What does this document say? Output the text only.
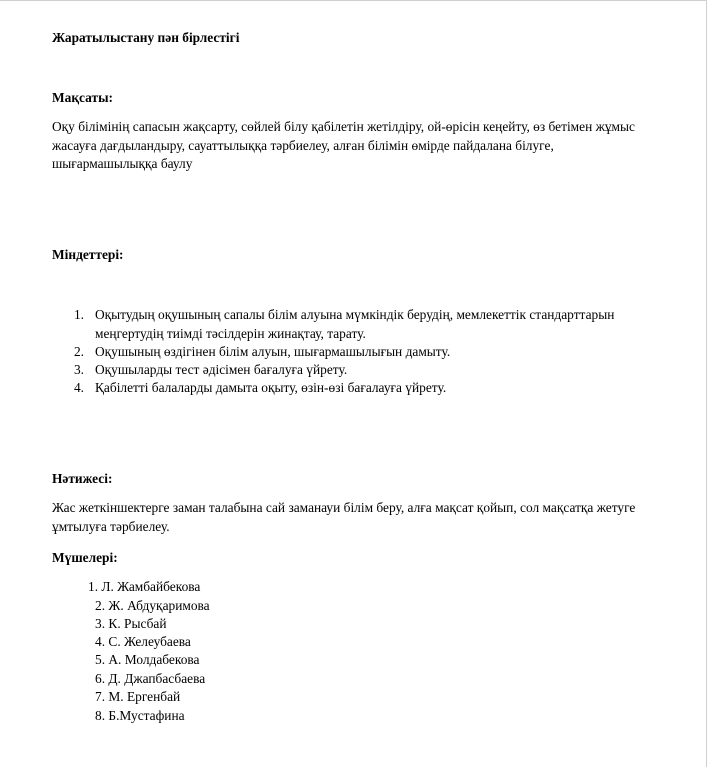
Жаратылыстану пән бірлестігі
Мақсаты:
Оқу білімінің сапасын жақсарту, сөйлей білу қабілетін жетілдіру, ой-өрісін кеңейту, өз бетімен жұмыс жасауға дағдыландыру, сауаттылыққа тәрбиелеу, алған білімін өмірде пайдалана білуге, шығармашылыққа баулу
Міндеттері:
1. Оқытудың оқушының сапалы білім алуына мүмкіндік берудің, мемлекеттік стандарттарын
меңгертудің тиімді тәсілдерін жинақтау, тарату.
2. Оқушының өздігінен білім алуын, шығармашылығын дамыту.
3. Оқушыларды тест әдісімен бағалуға үйрету.
4. Қабілетті балаларды дамыта оқыту, өзін-өзі бағалауға үйрету.
Нәтижесі:
Жас жеткіншектерге заман талабына сай заманауи білім беру, алға мақсат қойып, сол мақсатқа жетуге ұмтылуға тәрбиелеу.
Мүшелері:
1. Л. Жамбайбекова
2. Ж. Абдуқаримова
3. К. Рысбай
4. С. Желеубаева
5. А. Молдабекова
6. Д. Джапбасбаева
7. М. Ергенбай
8. Б.Мустафина
